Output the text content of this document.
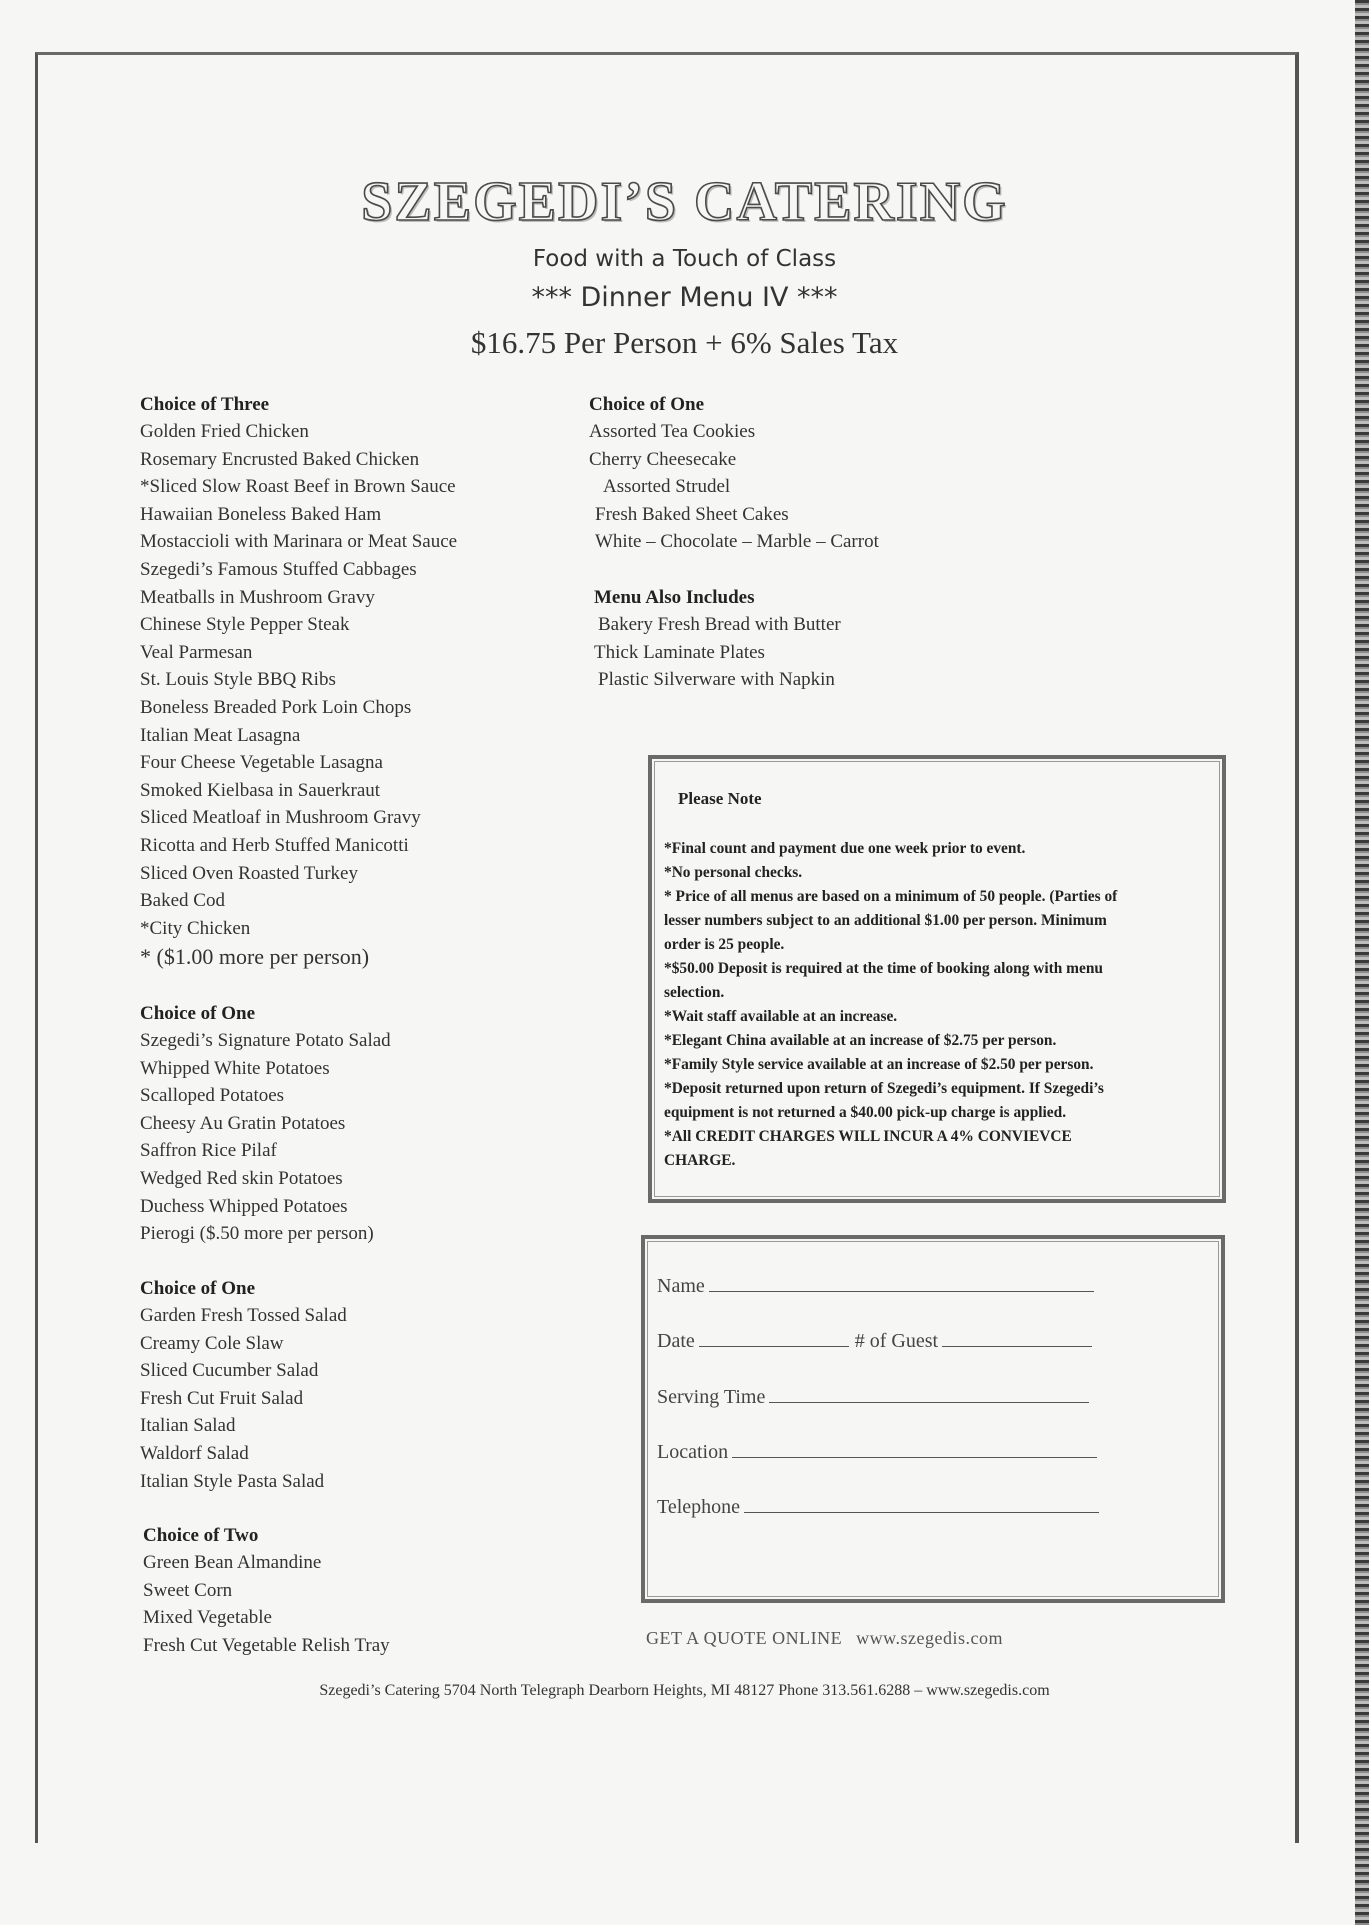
SZEGEDI’S CATERING
Food with a Touch of Class
*** Dinner Menu IV ***
$16.75 Per Person + 6% Sales Tax
Choice of Three
Golden Fried Chicken
Rosemary Encrusted Baked Chicken
*Sliced Slow Roast Beef in Brown Sauce
Hawaiian Boneless Baked Ham
Mostaccioli with Marinara or Meat Sauce
Szegedi’s Famous Stuffed Cabbages
Meatballs in Mushroom Gravy
Chinese Style Pepper Steak
Veal Parmesan
St. Louis Style BBQ Ribs
Boneless Breaded Pork Loin Chops
Italian Meat Lasagna
Four Cheese Vegetable Lasagna
Smoked Kielbasa in Sauerkraut
Sliced Meatloaf in Mushroom Gravy
Ricotta and Herb Stuffed Manicotti
Sliced Oven Roasted Turkey
Baked Cod
*City Chicken
* ($1.00 more per person)
Choice of One
Szegedi’s Signature Potato Salad
Whipped White Potatoes
Scalloped Potatoes
Cheesy Au Gratin Potatoes
Saffron Rice Pilaf
Wedged Red skin Potatoes
Duchess Whipped Potatoes
Pierogi ($.50 more per person)
Choice of One
Garden Fresh Tossed Salad
Creamy Cole Slaw
Sliced Cucumber Salad
Fresh Cut Fruit Salad
Italian Salad
Waldorf Salad
Italian Style Pasta Salad
Choice of Two
Green Bean Almandine
Sweet Corn
Mixed Vegetable
Fresh Cut Vegetable Relish Tray
Choice of One
Assorted Tea Cookies
Cherry Cheesecake
Assorted Strudel
Fresh Baked Sheet Cakes
White – Chocolate – Marble – Carrot
Menu Also Includes
Bakery Fresh Bread with Butter
Thick Laminate Plates
Plastic Silverware with Napkin
Please Note
*Final count and payment due one week prior to event.
*No personal checks.
* Price of all menus are based on a minimum of 50 people. (Parties of
lesser numbers subject to an additional $1.00 per person. Minimum
order is 25 people.
*$50.00 Deposit is required at the time of booking along with menu
selection.
*Wait staff available at an increase.
*Elegant China available at an increase of $2.75 per person.
*Family Style service available at an increase of $2.50 per person.
*Deposit returned upon return of Szegedi’s equipment. If Szegedi’s
equipment is not returned a $40.00 pick-up charge is applied.
*All CREDIT CHARGES WILL INCUR A 4% CONVIEVCE
CHARGE.
Name
Date	# of Guest
Serving Time
Location
Telephone
GET A QUOTE ONLINE www.szegedis.com
Szegedi’s Catering 5704 North Telegraph Dearborn Heights, MI 48127 Phone 313.561.6288 – www.szegedis.com
